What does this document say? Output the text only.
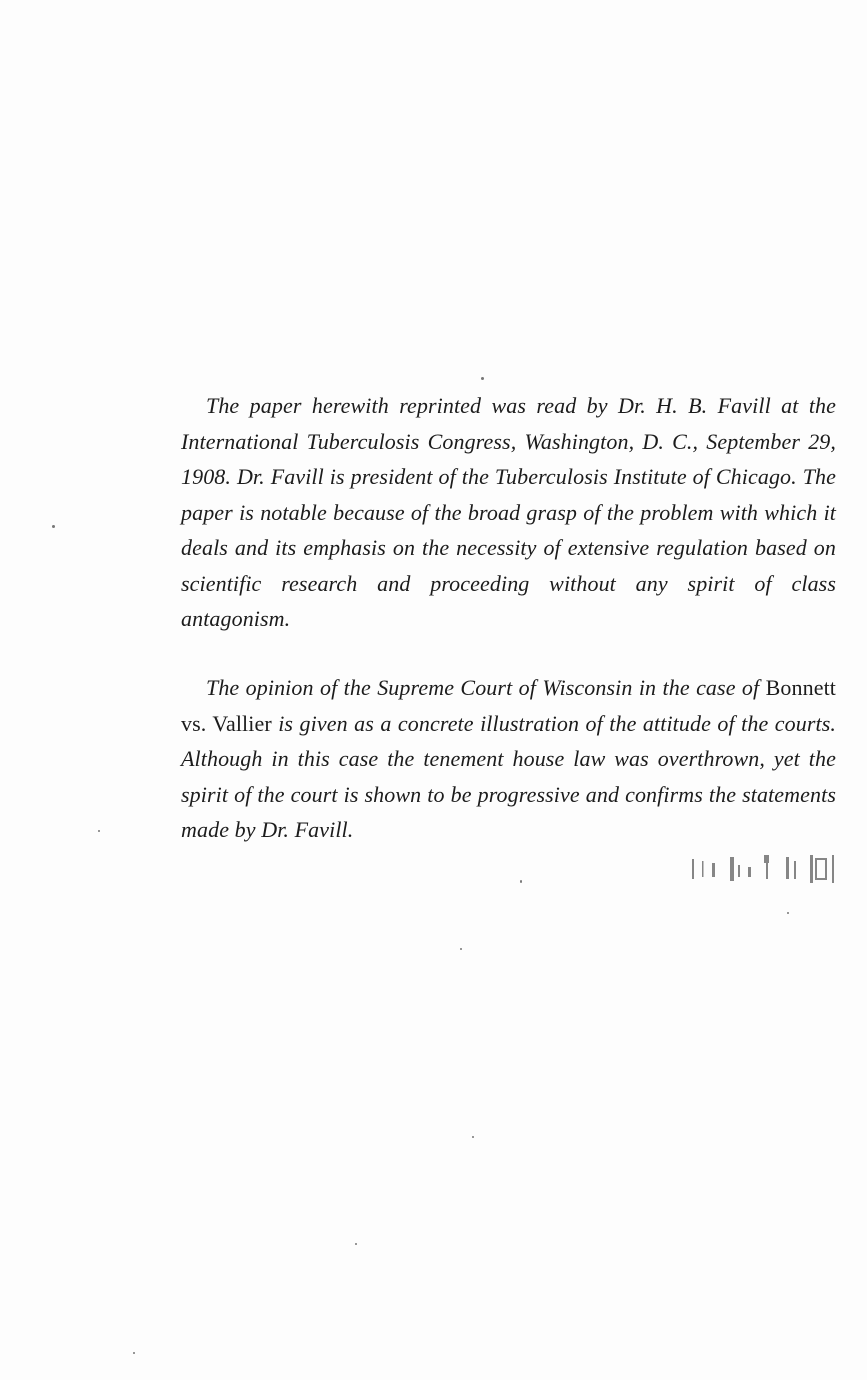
The paper herewith reprinted was read by Dr. H. B. Favill at the International Tuberculosis Congress, Washington, D. C., September 29, 1908. Dr. Favill is president of the Tuberculosis Institute of Chicago. The paper is notable because of the broad grasp of the problem with which it deals and its emphasis on the necessity of extensive regulation based on scientific research and proceeding without any spirit of class antagonism.

The opinion of the Supreme Court of Wisconsin in the case of Bonnett vs. Vallier is given as a concrete illustration of the attitude of the courts. Although in this case the tenement house law was overthrown, yet the spirit of the court is shown to be progressive and confirms the statements made by Dr. Favill.
